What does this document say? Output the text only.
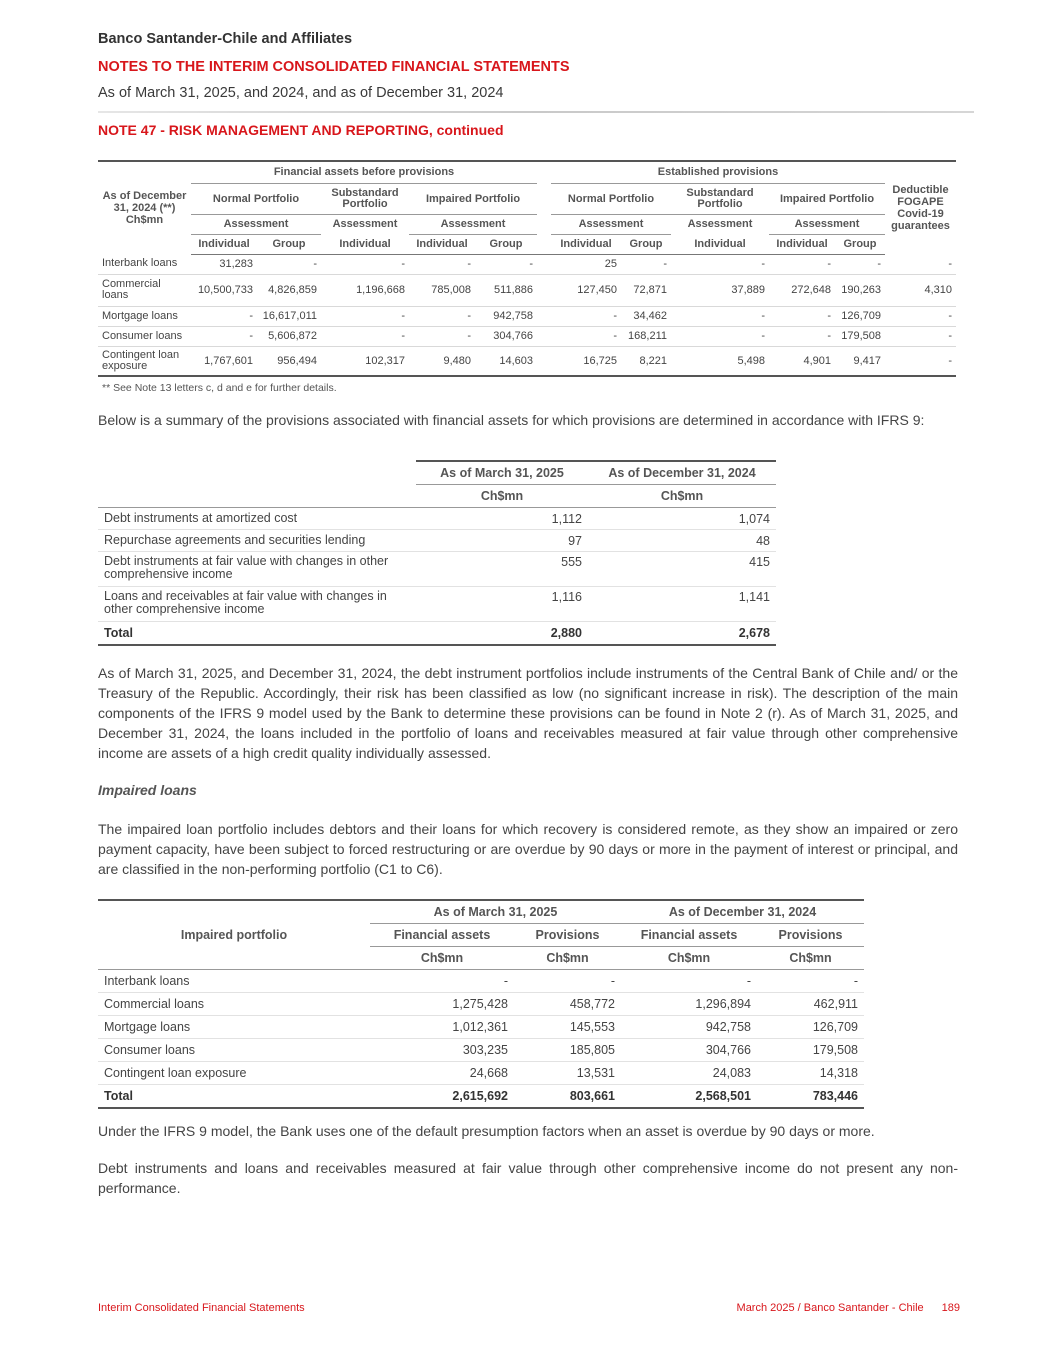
Banco Santander-Chile and Affiliates
NOTES TO THE INTERIM CONSOLIDATED FINANCIAL STATEMENTS
As of March 31, 2025, and 2024, and as of December 31, 2024
NOTE 47 - RISK MANAGEMENT AND REPORTING, continued
As of December 31, 2024 (**) Ch$mn	Financial assets before provisions						Established provisions					Deductible FOGAPE Covid-19 guarantees
	Normal Portfolio		Substandard Portfolio	Impaired Portfolio			Normal Portfolio		Substandard Portfolio	Impaired Portfolio		
	Assessment		Assessment	Assessment			Assessment		Assessment	Assessment		
	Individual	Group	Individual	Individual	Group		Individual	Group	Individual	Individual	Group	
Interbank loans	31,283	-	-	-	-		25	-	-	-	-	-
Commercial loans	10,500,733	4,826,859	1,196,668	785,008	511,886		127,450	72,871	37,889	272,648	190,263	4,310
Mortgage loans	-	16,617,011	-	-	942,758		-	34,462	-	-	126,709	-
Consumer loans	-	5,606,872	-	-	304,766		-	168,211	-	-	179,508	-
Contingent loan exposure	1,767,601	956,494	102,317	9,480	14,603		16,725	8,221	5,498	4,901	9,417	-
** See Note 13 letters c, d and e for further details.
Below is a summary of the provisions associated with financial assets for which provisions are determined in accordance with IFRS 9:
	As of March 31, 2025	As of December 31, 2024
	Ch$mn	Ch$mn
Debt instruments at amortized cost	1,112	1,074
Repurchase agreements and securities lending	97	48
Debt instruments at fair value with changes in other comprehensive income	555	415
Loans and receivables at fair value with changes in other comprehensive income	1,116	1,141
Total	2,880	2,678
As of March 31, 2025, and December 31, 2024, the debt instrument portfolios include instruments of the Central Bank of Chile and/ or the Treasury of the Republic. Accordingly, their risk has been classified as low (no significant increase in risk). The description of the main components of the IFRS 9 model used by the Bank to determine these provisions can be found in Note 2 (r). As of March 31, 2025, and December 31, 2024, the loans included in the portfolio of loans and receivables measured at fair value through other comprehensive income are assets of a high credit quality individually assessed.
Impaired loans
The impaired loan portfolio includes debtors and their loans for which recovery is considered remote, as they show an impaired or zero payment capacity, have been subject to forced restructuring or are overdue by 90 days or more in the payment of interest or principal, and are classified in the non-performing portfolio (C1 to C6).
Impaired portfolio	As of March 31, 2025		As of December 31, 2024	
	Financial assets	Provisions	Financial assets	Provisions
	Ch$mn	Ch$mn	Ch$mn	Ch$mn
Interbank loans	-	-	-	-
Commercial loans	1,275,428	458,772	1,296,894	462,911
Mortgage loans	1,012,361	145,553	942,758	126,709
Consumer loans	303,235	185,805	304,766	179,508
Contingent loan exposure	24,668	13,531	24,083	14,318
Total	2,615,692	803,661	2,568,501	783,446
Under the IFRS 9 model, the Bank uses one of the default presumption factors when an asset is overdue by 90 days or more.
Debt instruments and loans and receivables measured at fair value through other comprehensive income do not present any non-performance.
Interim Consolidated Financial Statements	March 2025 / Banco Santander - Chile 189
